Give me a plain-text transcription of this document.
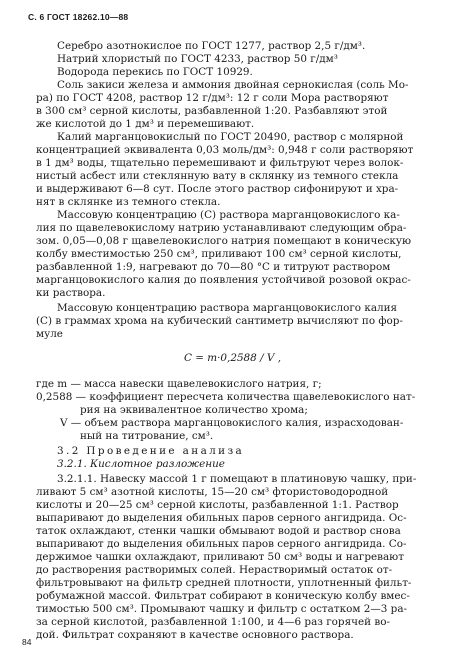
С. 6 ГОСТ 18262.10—88
Серебро азотнокислое по ГОСТ 1277, раствор 2,5 г/дм³.
Натрий хлористый по ГОСТ 4233, раствор 50 г/дм³
Водорода перекись по ГОСТ 10929.
Соль закиси железа и аммония двойная сернокислая (соль Мо-
ра) по ГОСТ 4208, раствор 12 г/дм³: 12 г соли Мора растворяют
в 300 см³ серной кислоты, разбавленной 1:20. Разбавляют этой
же кислотой до 1 дм³ и перемешивают.
Калий марганцовокислый по ГОСТ 20490, раствор с молярной
концентрацией эквивалента 0,03 моль/дм³: 0,948 г соли растворяют
в 1 дм³ воды, тщательно перемешивают и фильтруют через волок-
нистый асбест или стеклянную вату в склянку из темного стекла
и выдерживают 6—8 сут. После этого раствор сифонируют и хра-
нят в склянке из темного стекла.
Массовую концентрацию (C) раствора марганцовокислого ка-
лия по щавелевокислому натрию устанавливают следующим обра-
зом. 0,05—0,08 г щавелевокислого натрия помещают в коническую
колбу вместимостью 250 см³, приливают 100 см³ серной кислоты,
разбавленной 1:9, нагревают до 70—80 °С и титруют раствором
марганцовокислого калия до появления устойчивой розовой окрас-
ки раствора.
Массовую концентрацию раствора марганцовокислого калия
(C) в граммах хрома на кубический сантиметр вычисляют по фор-
муле
C = m·0,2588 / V ,
где m — масса навески щавелевокислого натрия, г;
0,2588 — коэффициент пересчета количества щавелевокислого нат-
рия на эквивалентное количество хрома;
V — объем раствора марганцовокислого калия, израсходован-
ный на титрование, см³.
3.2 Проведение анализа
3.2.1. Кислотное разложение
3.2.1.1. Навеску массой 1 г помещают в платиновую чашку, при-
ливают 5 см³ азотной кислоты, 15—20 см³ фтористоводородной
кислоты и 20—25 см³ серной кислоты, разбавленной 1:1. Раствор
выпаривают до выделения обильных паров серного ангидрида. Ос-
таток охлаждают, стенки чашки обмывают водой и раствор снова
выпаривают до выделения обильных паров серного ангидрида. Со-
держимое чашки охлаждают, приливают 50 см³ воды и нагревают
до растворения растворимых солей. Нерастворимый остаток от-
фильтровывают на фильтр средней плотности, уплотненный фильт-
робумажной массой. Фильтрат собирают в коническую колбу вмес-
тимостью 500 см³. Промывают чашку и фильтр с остатком 2—3 ра-
за серной кислотой, разбавленной 1:100, и 4—6 раз горячей во-
дой. Фильтрат сохраняют в качестве основного раствора.
84
